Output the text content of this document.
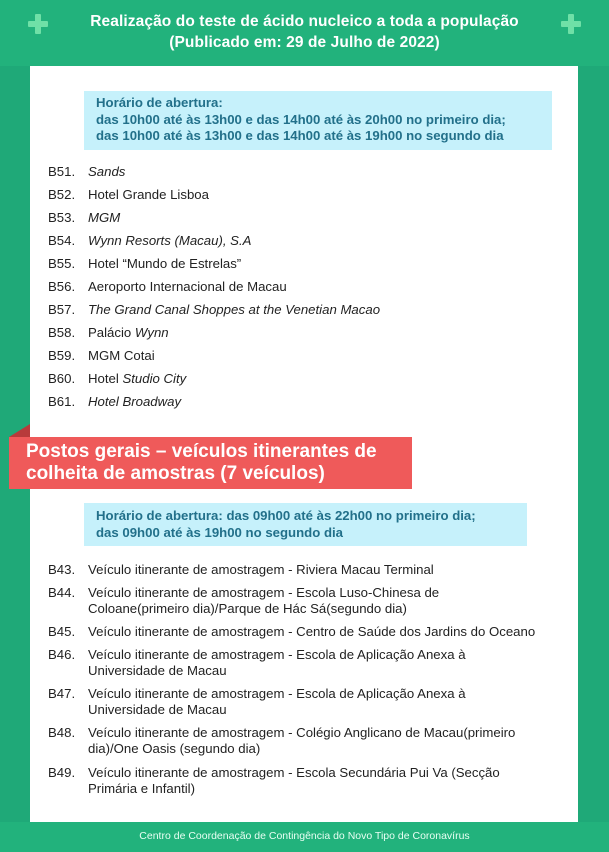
Realização do teste de ácido nucleico a toda a população
(Publicado em: 29 de Julho de 2022)
Horário de abertura:
das 10h00 até às 13h00 e das 14h00 até às 20h00 no primeiro dia;
das 10h00 até às 13h00 e das 14h00 até às 19h00 no segundo dia
B51. Sands
B52. Hotel Grande Lisboa
B53. MGM
B54. Wynn Resorts (Macau), S.A
B55. Hotel “Mundo de Estrelas”
B56. Aeroporto Internacional de Macau
B57. The Grand Canal Shoppes at the Venetian Macao
B58. Palácio Wynn
B59. MGM Cotai
B60. Hotel Studio City
B61. Hotel Broadway
Postos gerais – veículos itinerantes de
colheita de amostras (7 veículos)
Horário de abertura: das 09h00 até às 22h00 no primeiro dia;
das 09h00 até às 19h00 no segundo dia
B43. Veículo itinerante de amostragem - Riviera Macau Terminal
B44. Veículo itinerante de amostragem - Escola Luso-Chinesa de
Coloane(primeiro dia)/Parque de Hác Sá(segundo dia)
B45. Veículo itinerante de amostragem - Centro de Saúde dos Jardins do Oceano
B46. Veículo itinerante de amostragem - Escola de Aplicação Anexa à
Universidade de Macau
B47. Veículo itinerante de amostragem - Escola de Aplicação Anexa à
Universidade de Macau
B48. Veículo itinerante de amostragem - Colégio Anglicano de Macau(primeiro
dia)/One Oasis (segundo dia)
B49. Veículo itinerante de amostragem - Escola Secundária Pui Va (Secção
Primária e Infantil)
Centro de Coordenação de Contingência do Novo Tipo de Coronavírus
